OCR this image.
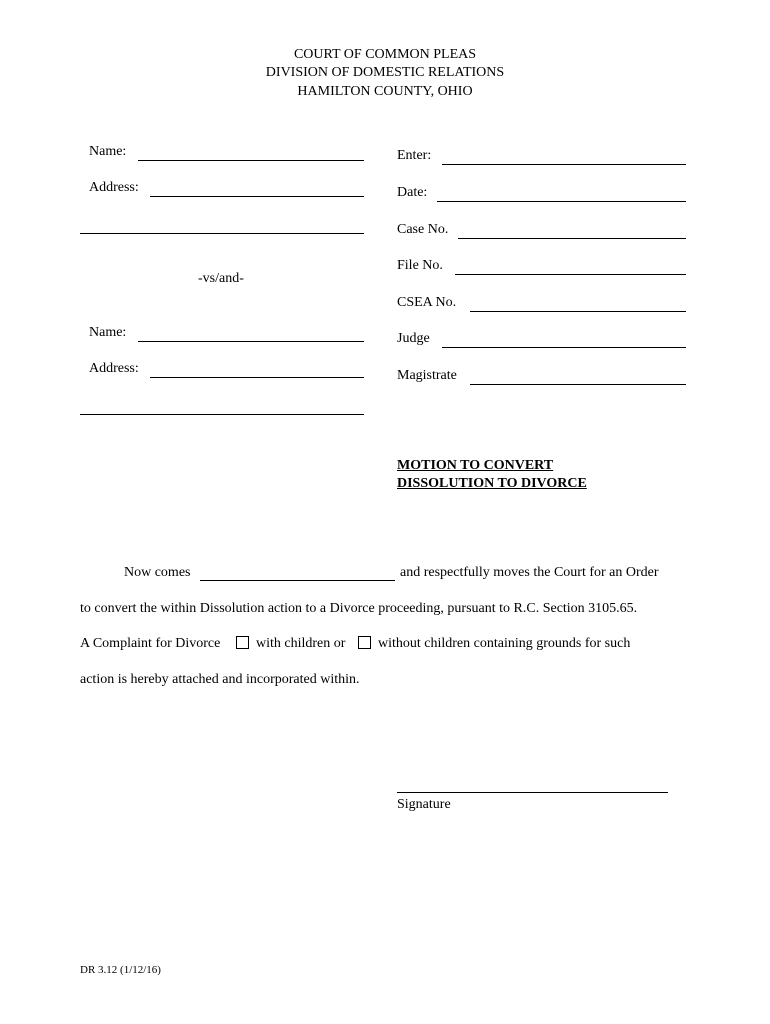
COURT OF COMMON PLEAS
DIVISION OF DOMESTIC RELATIONS
HAMILTON COUNTY, OHIO
Name:
Address:
-vs/and-
Name:
Address:
Enter:
Date:
Case No.
File No.
CSEA No.
Judge
Magistrate
MOTION TO CONVERT
DISSOLUTION TO DIVORCE
Now comes	and respectfully moves the Court for an Order
to convert the within Dissolution action to a Divorce proceeding, pursuant to R.C. Section 3105.65.
A Complaint for Divorce	with children or without children containing grounds for such
action is hereby attached and incorporated within.
Signature
DR 3.12 (1/12/16)
